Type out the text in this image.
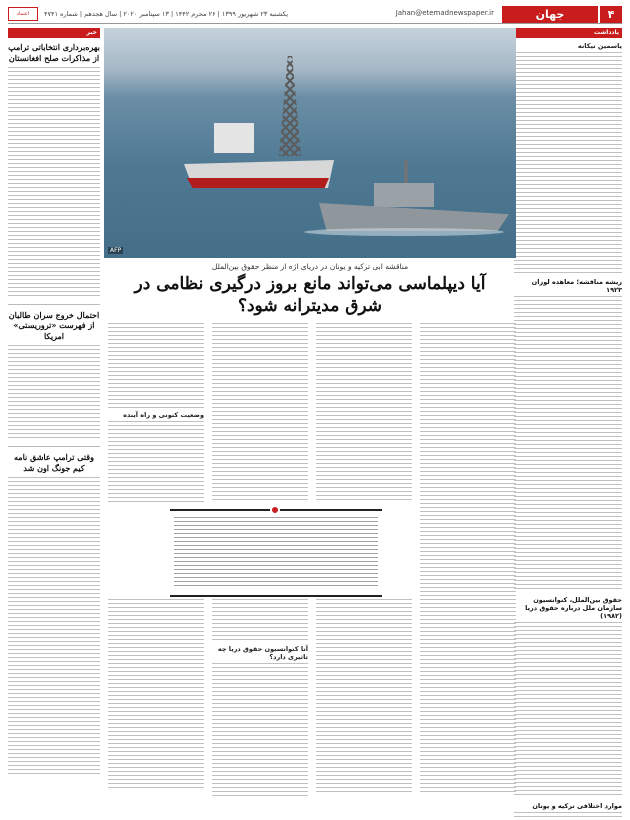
۴
جهان
Jahan@etemadnewspaper.ir
یکشنبه ۲۳ شهریور ۱۳۹۹ | ۲۶ محرم ۱۴۴۲ | ۱۳ سپتامبر ۲۰۲۰ | سال هجدهم | شماره ۴۷۴۱
اعتماد
یادداشت
یاسمین نیکانه
ریشه مناقشه؛ معاهده لوزان ۱۹۲۳
حقوق بین‌الملل، کنوانسیون سازمان ملل درباره حقوق دریا (۱۹۸۲)
موارد اختلافی ترکیه و یونان
خبر
بهره‌برداری انتخاباتی ترامپ از مذاکرات صلح افغانستان
احتمال خروج سران طالبان از فهرست «تروریستی» امریکا
وقتی ترامپ عاشق نامه کیم جونگ اون شد
AFP
مناقشه ابی ترکیه و یونان در دریای اژه از منظر حقوق بین‌الملل
آیا دیپلماسی می‌تواند مانع بروز درگیری نظامی در شرق مدیترانه شود؟
آنا کنوانسیون حقوق دریا چه تاثیری دارد؟
وضعیت کنونی و راه آینده
